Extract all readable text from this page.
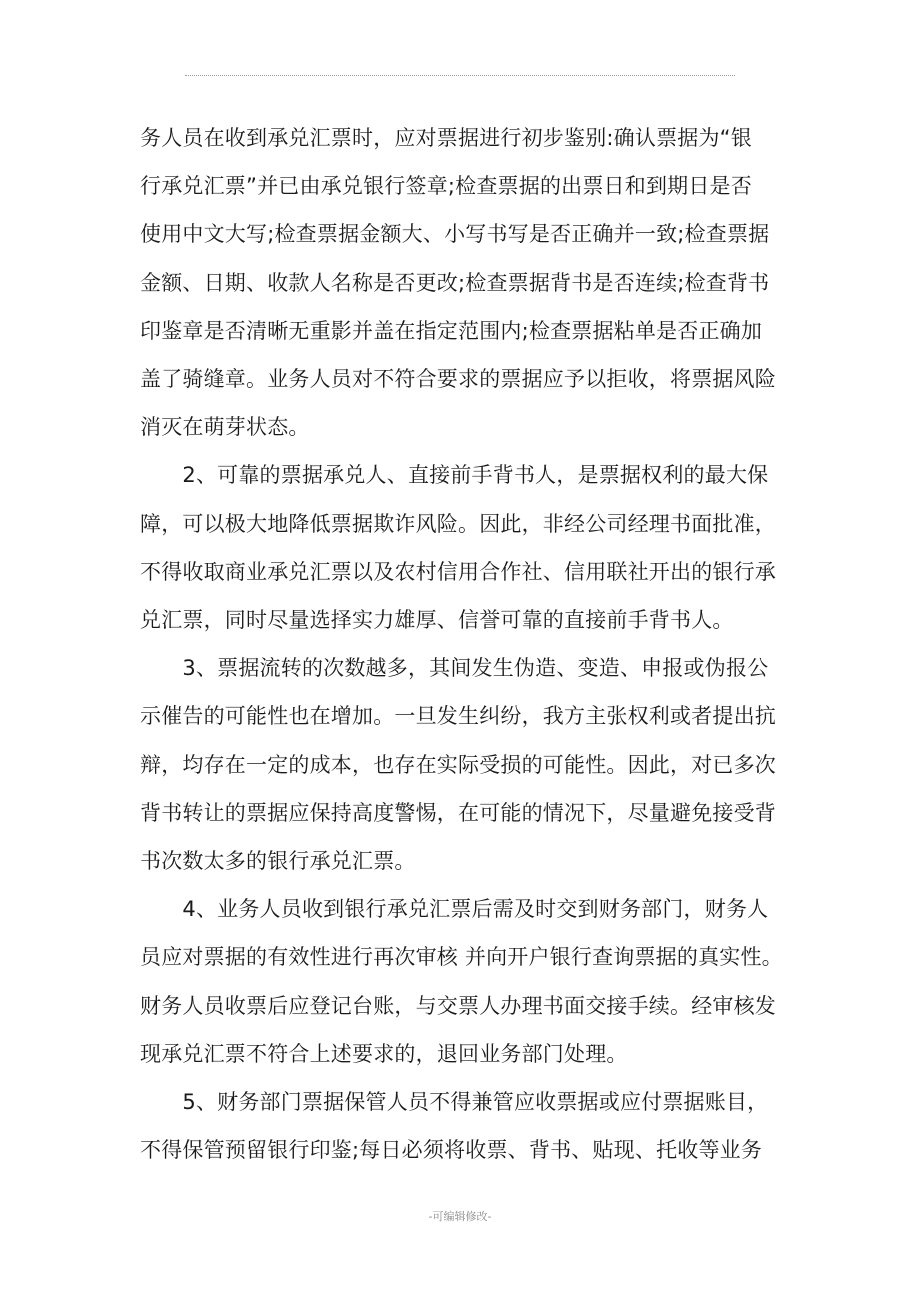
务人员在收到承兑汇票时，应对票据进行初步鉴别:确认票据为“银
行承兑汇票”并已由承兑银行签章;检查票据的出票日和到期日是否
使用中文大写;检查票据金额大、小写书写是否正确并一致;检查票据
金额、日期、收款人名称是否更改;检查票据背书是否连续;检查背书
印鉴章是否清晰无重影并盖在指定范围内;检查票据粘单是否正确加
盖了骑缝章。业务人员对不符合要求的票据应予以拒收，将票据风险
消灭在萌芽状态。

　　2、可靠的票据承兑人、直接前手背书人，是票据权利的最大保
障，可以极大地降低票据欺诈风险。因此，非经公司经理书面批准，
不得收取商业承兑汇票以及农村信用合作社、信用联社开出的银行承
兑汇票，同时尽量选择实力雄厚、信誉可靠的直接前手背书人。

　　3、票据流转的次数越多，其间发生伪造、变造、申报或伪报公
示催告的可能性也在增加。一旦发生纠纷，我方主张权利或者提出抗
辩，均存在一定的成本，也存在实际受损的可能性。因此，对已多次
背书转让的票据应保持高度警惕，在可能的情况下，尽量避免接受背
书次数太多的银行承兑汇票。

　　4、业务人员收到银行承兑汇票后需及时交到财务部门，财务人
员应对票据的有效性进行再次审核 并向开户银行查询票据的真实性。
财务人员收票后应登记台账，与交票人办理书面交接手续。经审核发
现承兑汇票不符合上述要求的，退回业务部门处理。

　　5、财务部门票据保管人员不得兼管应收票据或应付票据账目，
不得保管预留银行印鉴;每日必须将收票、背书、贴现、托收等业务

-可编辑修改-
